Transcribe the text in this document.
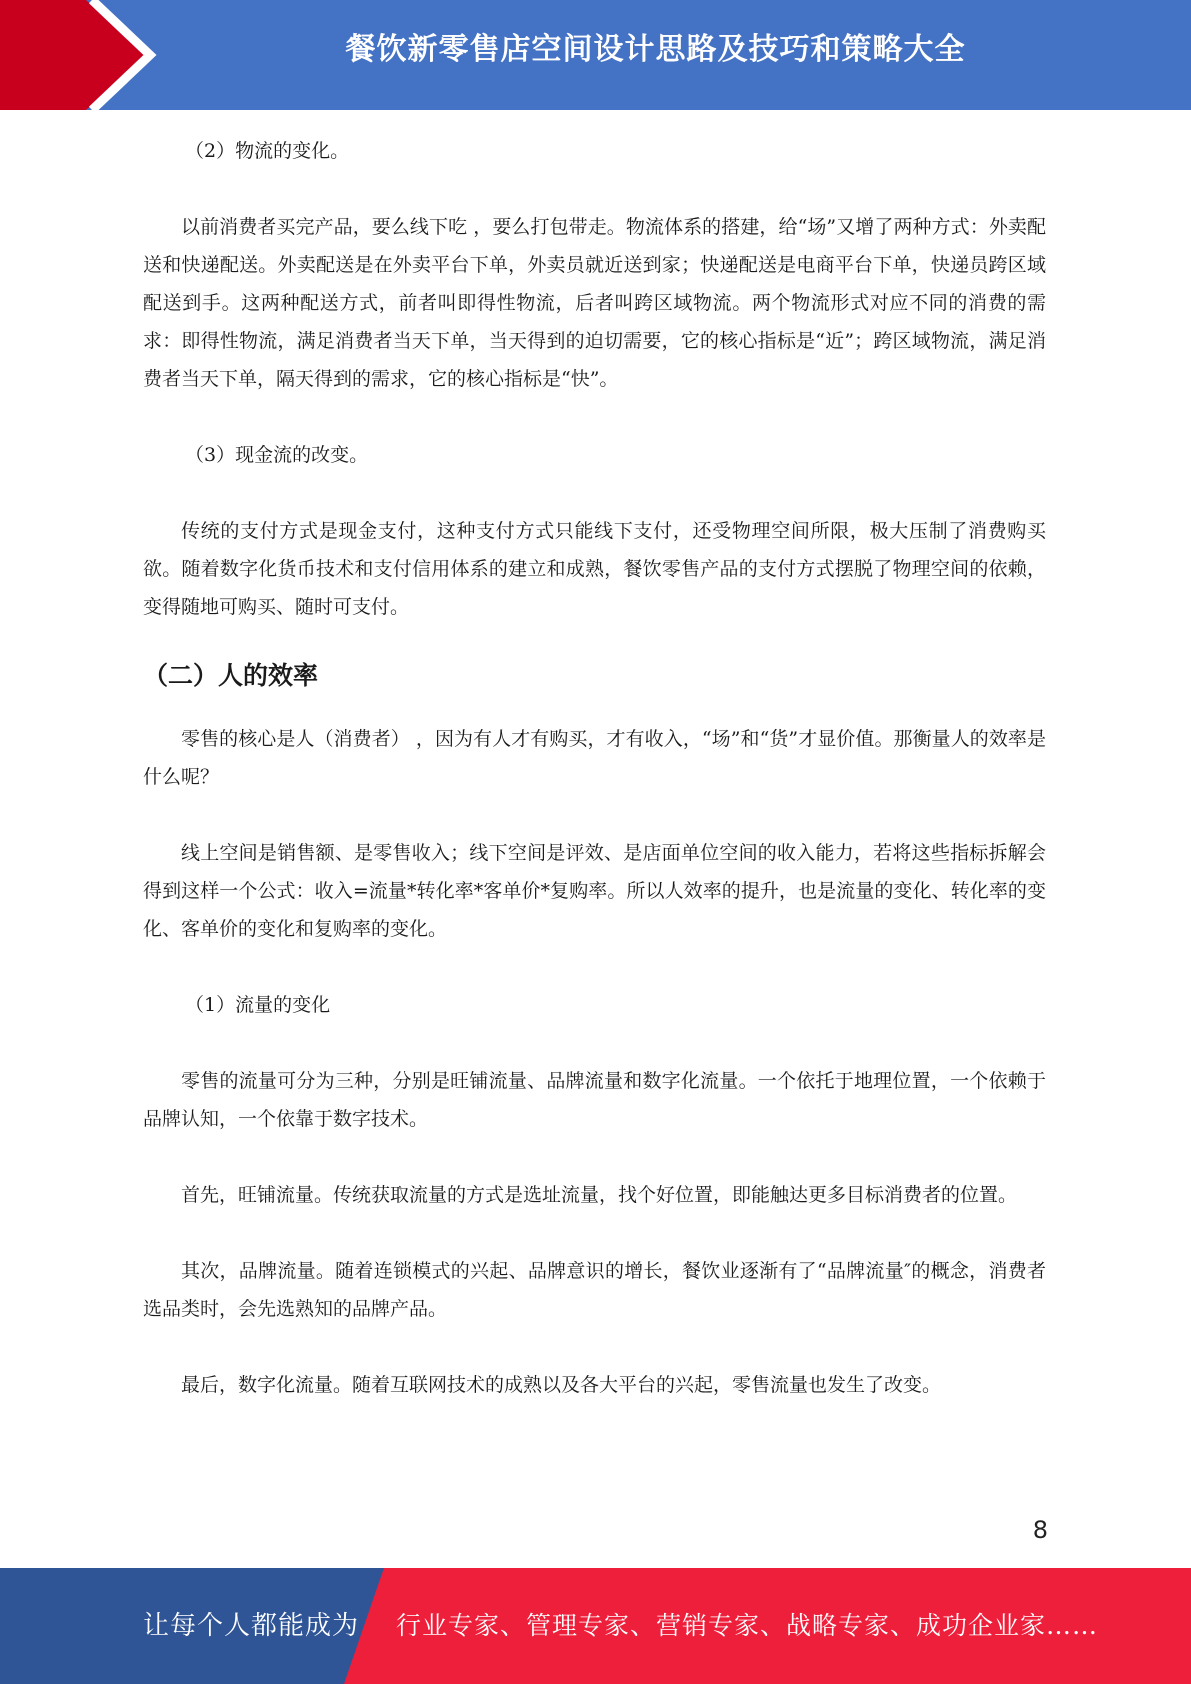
餐饮新零售店空间设计思路及技巧和策略大全

（2）物流的变化。

以前消费者买完产品，要么线下吃 ，要么打包带走。物流体系的搭建，给“场”又增了两种方式：外卖配送和快递配送。外卖配送是在外卖平台下单，外卖员就近送到家；快递配送是电商平台下单，快递员跨区域配送到手。这两种配送方式，前者叫即得性物流，后者叫跨区域物流。两个物流形式对应不同的消费的需求：即得性物流，满足消费者当天下单，当天得到的迫切需要，它的核心指标是“近”；跨区域物流，满足消费者当天下单，隔天得到的需求，它的核心指标是“快”。

（3）现金流的改变。

传统的支付方式是现金支付，这种支付方式只能线下支付，还受物理空间所限，极大压制了消费购买欲。随着数字化货币技术和支付信用体系的建立和成熟，餐饮零售产品的支付方式摆脱了物理空间的依赖，变得随地可购买、随时可支付。

（二）人的效率

零售的核心是人（消费者） ，因为有人才有购买，才有收入，“场”和“货”才显价值。那衡量人的效率是什么呢？

线上空间是销售额、是零售收入；线下空间是评效、是店面单位空间的收入能力，若将这些指标拆解会得到这样一个公式：收入=流量*转化率*客单价*复购率。所以人效率的提升，也是流量的变化、转化率的变化、客单价的变化和复购率的变化。

（1）流量的变化

零售的流量可分为三种，分别是旺铺流量、品牌流量和数字化流量。一个依托于地理位置，一个依赖于品牌认知，一个依靠于数字技术。

首先，旺铺流量。传统获取流量的方式是选址流量，找个好位置，即能触达更多目标消费者的位置。

其次，品牌流量。随着连锁模式的兴起、品牌意识的增长，餐饮业逐渐有了“品牌流量″的概念，消费者选品类时，会先选熟知的品牌产品。

最后，数字化流量。随着互联网技术的成熟以及各大平台的兴起，零售流量也发生了改变。

8
让每个人都能成为 行业专家、管理专家、营销专家、战略专家、成功企业家……
